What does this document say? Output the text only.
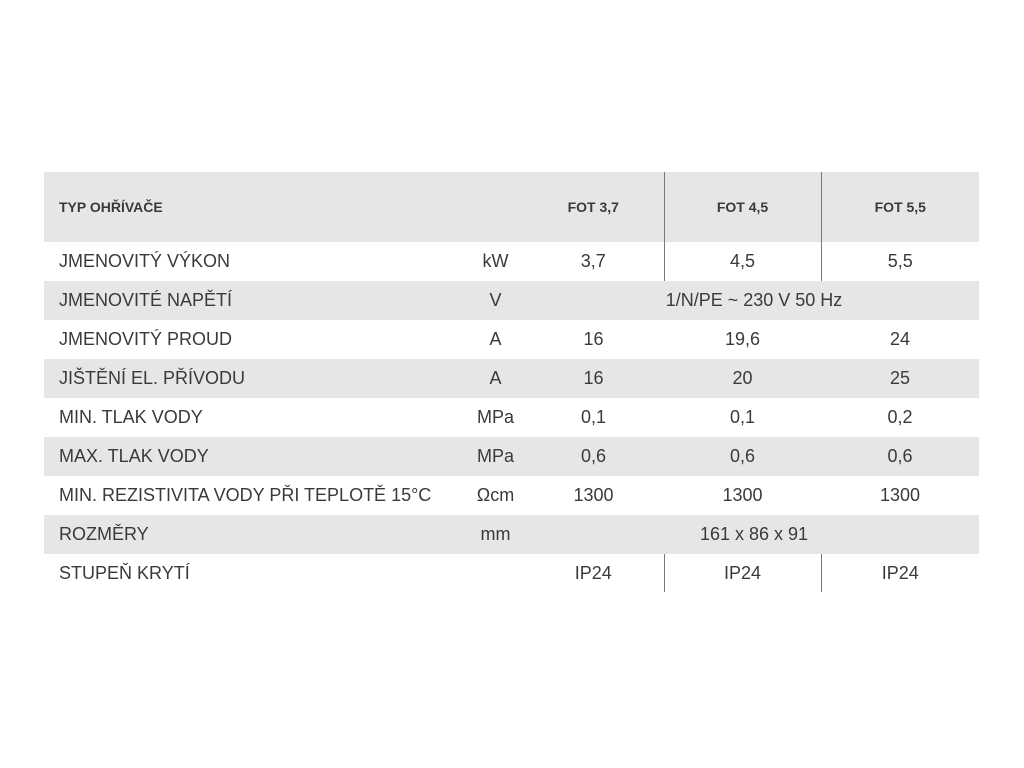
TYP OHŘÍVAČE		FOT 3,7	FOT 4,5	FOT 5,5
JMENOVITÝ VÝKON	kW	3,7	4,5	5,5
JMENOVITÉ NAPĚTÍ	V	1/N/PE ~ 230 V 50 Hz		
JMENOVITÝ PROUD	A	16	19,6	24
JIŠTĚNÍ EL. PŘÍVODU	A	16	20	25
MIN. TLAK VODY	MPa	0,1	0,1	0,2
MAX. TLAK VODY	MPa	0,6	0,6	0,6
MIN. REZISTIVITA VODY PŘI TEPLOTĚ 15°C	Ωcm	1300	1300	1300
ROZMĚRY	mm	161 x 86 x 91		
STUPEŇ KRYTÍ		IP24	IP24	IP24
